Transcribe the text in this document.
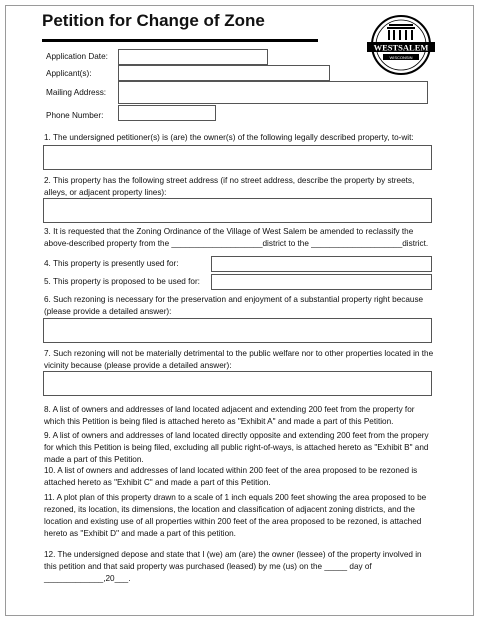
Petition for Change of Zone
WESTSALEM
WISCONSIN
Application Date:
Applicant(s):
Mailing Address:
Phone Number:
1. The undersigned petitioner(s) is (are) the owner(s) of the following legally described property, to-wit:
2. This property has the following street address (if no street address, describe the property by streets, alleys, or adjacent property lines):
3. It is requested that the Zoning Ordinance of the Village of West Salem be amended to reclassify the above-described property from the ____________________district to the ____________________district.
4. This property is presently used for:
5. This property is proposed to be used for:
6. Such rezoning is necessary for the preservation and enjoyment of a substantial property right because (please provide a detailed answer):
7. Such rezoning will not be materially detrimental to the public welfare nor to other properties located in the vicinity because (please provide a detailed answer):
8. A list of owners and addresses of land located adjacent and extending 200 feet from the property for which this Petition is being filed is attached hereto as "Exhibit A" and made a part of this Petition.
9. A list of owners and addresses of land located directly opposite and extending 200 feet from the propery for which this Petition is being filed, excluding all public right-of-ways, is attached hereto as "Exhibit B" and made a part of this Petition.
10. A list of owners and addresses of land located within 200 feet of the area proposed to be rezoned is attached hereto as "Exhibit C" and made a part of this Petition.
11. A plot plan of this property drawn to a scale of 1 inch equals 200 feet showing the area proposed to be rezoned, its location, its dimensions, the location and classification of adjacent zoning districts, and the location and existing use of all properties within 200 feet of the area proposed to be rezoned, is attached hereto as "Exhibit D" and made a part of this petition.
12. The undersigned depose and state that I (we) am (are) the owner (lessee) of the property involved in this petition and that said property was purchased (leased) by me (us) on the _____ day of _____________,20___.
